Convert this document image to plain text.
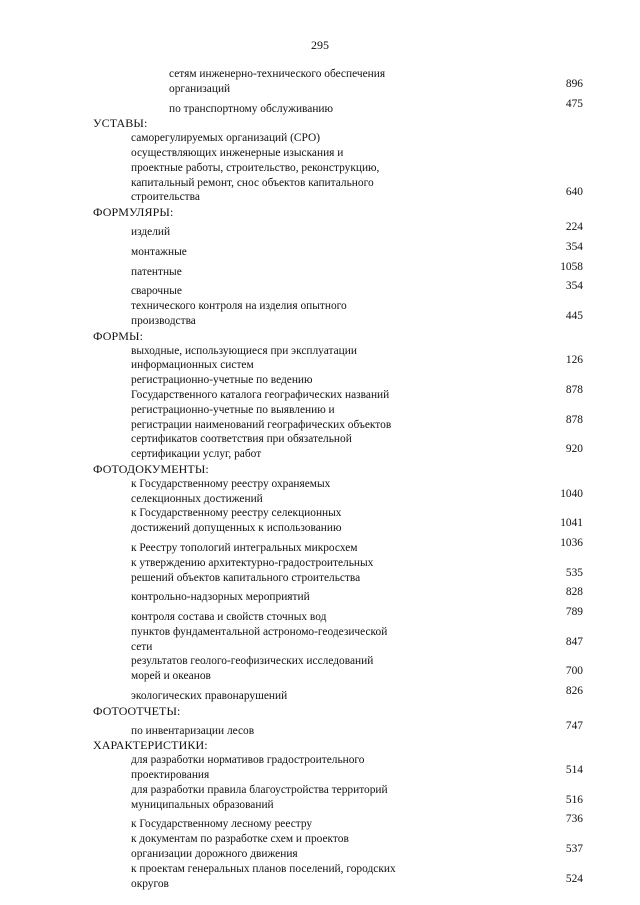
295
сетям инженерно-технического обеспечения
организаций	896
по транспортному обслуживанию	475
УСТАВЫ:
саморегулируемых организаций (СРО)
осуществляющих инженерные изыскания и
проектные работы, строительство, реконструкцию,
капитальный ремонт, снос объектов капитального
строительства	640
ФОРМУЛЯРЫ:
изделий	224
монтажные	354
патентные	1058
сварочные	354
технического контроля на изделия опытного
производства	445
ФОРМЫ:
выходные, использующиеся при эксплуатации
информационных систем	126
регистрационно-учетные по ведению
Государственного каталога географических названий	878
регистрационно-учетные по выявлению и
регистрации наименований географических объектов	878
сертификатов соответствия при обязательной
сертификации услуг, работ	920
ФОТОДОКУМЕНТЫ:
к Государственному реестру охраняемых
селекционных достижений	1040
к Государственному реестру селекционных
достижений допущенных к использованию	1041
к Реестру топологий интегральных микросхем	1036
к утверждению архитектурно-градостроительных
решений объектов капитального строительства	535
контрольно-надзорных мероприятий	828
контроля состава и свойств сточных вод	789
пунктов фундаментальной астрономо-геодезической
сети	847
результатов геолого-геофизических исследований
морей и океанов	700
экологических правонарушений	826
ФОТООТЧЕТЫ:
по инвентаризации лесов	747
ХАРАКТЕРИСТИКИ:
для разработки нормативов градостроительного
проектирования	514
для разработки правила благоустройства территорий
муниципальных образований	516
к Государственному лесному реестру	736
к документам по разработке схем и проектов
организации дорожного движения	537
к проектам генеральных планов поселений, городских
округов	524
